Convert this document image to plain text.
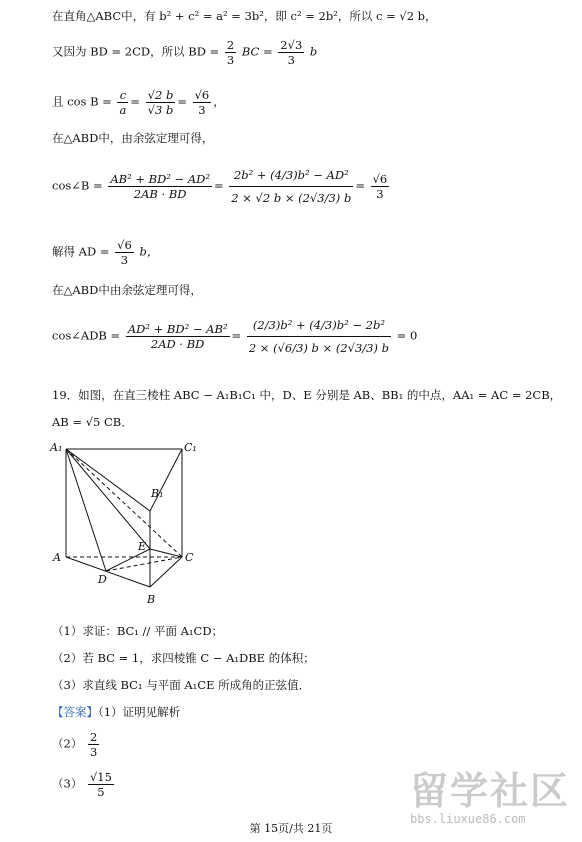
在直角△ABC中，有 b² + c² = a² = 3b²，即 c² = 2b²，所以 c = √2 b，
又因为 BD = 2CD，所以 BD = $\frac{2}{3}$ BC = $\frac{2√3}{3}$ b
且 $\cos B = \frac{c}{a} = \frac{√2 b}{√3 b} = \frac{√6}{3}$ ，
在△ABD中，由余弦定理可得，
cos∠B = $\frac{\text{AB² + BD² − AD²}}{2AB \cdot BD} = \frac{\text{2b² + (4/3)b² − AD²}}{2 \times √2 b \times (2√3/3) b} = \frac{√6}{3}$
解得 AD = $\frac{√6}{3}$ b，
在△ABD中由余弦定理可得，
cos∠ADB = $\frac{\text{AD² + BD² − AB²}}{2AD \cdot BD} = \frac{\text{(2/3)b² + (4/3)b² − 2b²}}{2 \times (√6/3) b \times (2√3/3) b} = 0$
19．如图，在直三棱柱 ABC − A₁B₁C₁ 中，D、E 分别是 AB、BB₁ 的中点，AA₁ = AC = 2CB，
AB = √5 CB．
A₁	C₁
B₁
A	C
B
D
E
（1）求证：BC₁ // 平面 A₁CD；
（2）若 BC = 1，求四棱锥 C − A₁DBE 的体积；
（3）求直线 BC₁ 与平面 A₁CE 所成角的正弦值．
【答案】（1）证明见解析
$(2) \frac{2}{3}$
$(3) \frac{√15}{5}$	留学社区
bbs.liuxue86.com
第 15页/共 21页
